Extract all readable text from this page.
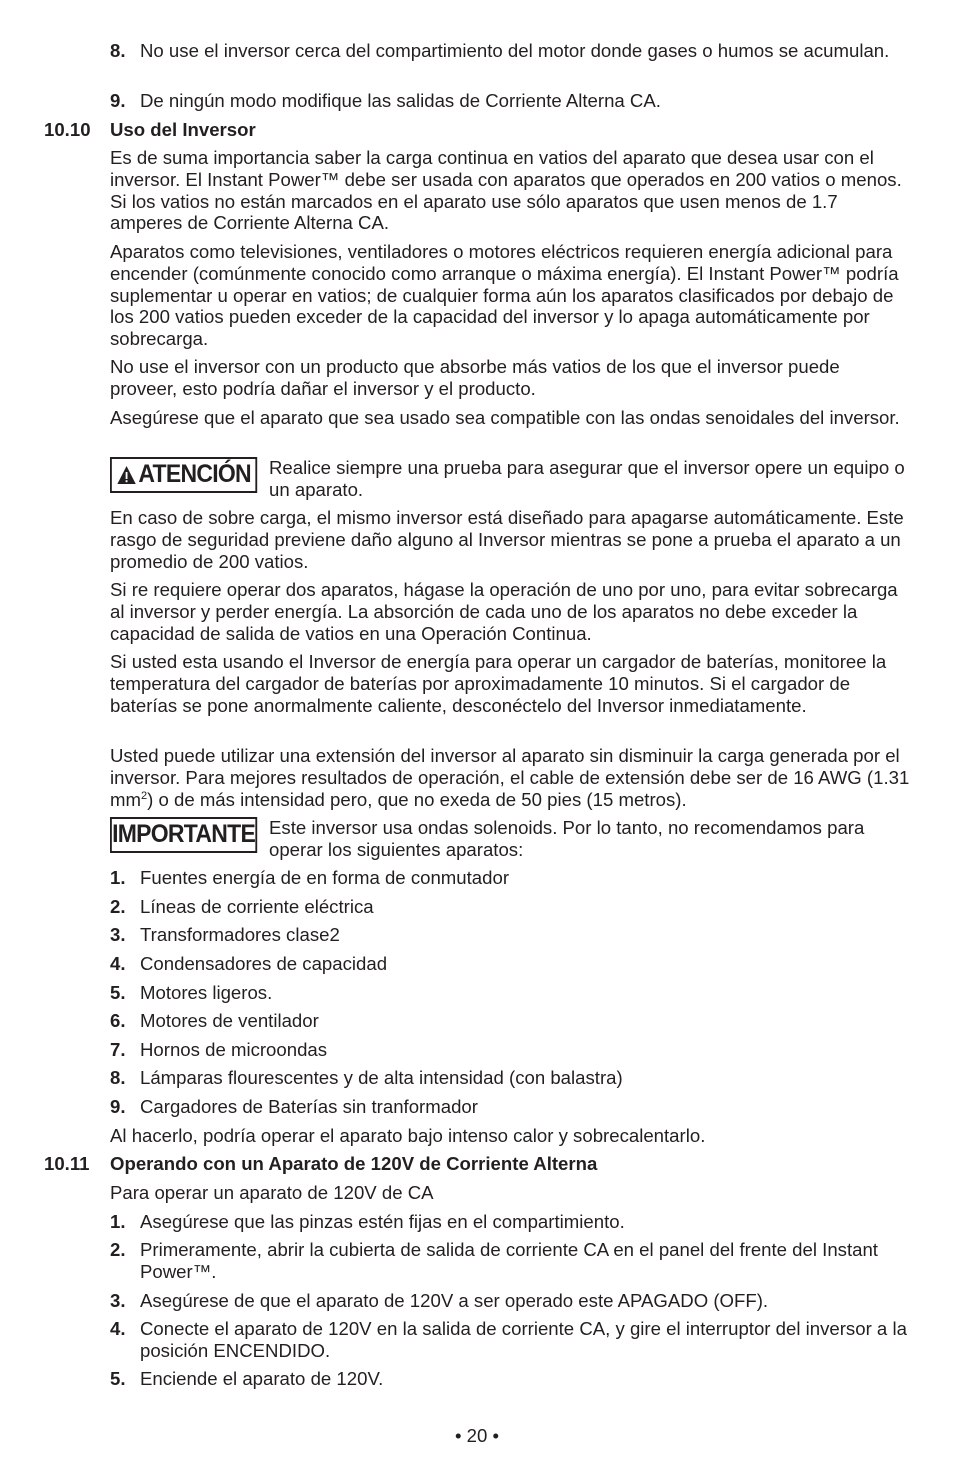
8. No use el inversor cerca del compartimiento del motor donde gases o humos se acumulan.
9. De ningún modo modifique las salidas de Corriente Alterna CA.
10.10 Uso del Inversor

Es de suma importancia saber la carga continua en vatios del aparato que desea usar con el inversor. El Instant Power™ debe ser usada con aparatos que operados en 200 vatios o menos. Si los vatios no están marcados en el aparato use sólo aparatos que usen menos de 1.7 amperes de Corriente Alterna CA.

Aparatos como televisiones, ventiladores o motores eléctricos requieren energía adicional para encender (comúnmente conocido como arranque o máxima energía). El Instant Power™ podría suplementar u operar en vatios; de cualquier forma aún los aparatos clasificados por debajo de los 200 vatios pueden exceder de la capacidad del inversor y lo apaga automáticamente por sobrecarga.

No use el inversor con un producto que absorbe más vatios de los que el inversor puede proveer, esto podría dañar el inversor y el producto.

Asegúrese que el aparato que sea usado sea compatible con las ondas senoidales del inversor.

ATENCIÓN Realice siempre una prueba para asegurar que el inversor opere un equipo o un aparato.

En caso de sobre carga, el mismo inversor está diseñado para apagarse automáticamente. Este rasgo de seguridad previene daño alguno al Inversor mientras se pone a prueba el aparato a un promedio de 200 vatios.

Si re requiere operar dos aparatos, hágase la operación de uno por uno, para evitar sobrecarga al inversor y perder energía. La absorción de cada uno de los aparatos no debe exceder la capacidad de salida de vatios en una Operación Continua.

Si usted esta usando el Inversor de energía para operar un cargador de baterías, monitoree la temperatura del cargador de baterías por aproximadamente 10 minutos. Si el cargador de baterías se pone anormalmente caliente, desconéctelo del Inversor inmediatamente.

Usted puede utilizar una extensión del inversor al aparato sin disminuir la carga generada por el inversor. Para mejores resultados de operación, el cable de extensión debe ser de 16 AWG (1.31 $mm^2$) o de más intensidad pero, que no exeda de 50 pies (15 metros).

IMPORTANTE Este inversor usa ondas solenoids. Por lo tanto, no recomendamos para operar los siguientes aparatos:
1. Fuentes energía de en forma de conmutador
2. Líneas de corriente eléctrica
3. Transformadores clase2
4. Condensadores de capacidad
5. Motores ligeros.
6. Motores de ventilador
7. Hornos de microondas
8. Lámparas flourescentes y de alta intensidad (con balastra)
9. Cargadores de Baterías sin tranformador

Al hacerlo, podría operar el aparato bajo intenso calor y sobrecalentarlo.

10.11 Operando con un Aparato de 120V de Corriente Alterna

Para operar un aparato de 120V de CA

1. Asegúrese que las pinzas estén fijas en el compartimiento.
2. Primeramente, abrir la cubierta de salida de corriente CA en el panel del frente del Instant Power™.
3. Asegúrese de que el aparato de 120V a ser operado este APAGADO (OFF).
4. Conecte el aparato de 120V en la salida de corriente CA, y gire el interruptor del inversor a la posición ENCENDIDO.
5. Enciende el aparato de 120V.
• 20 •
